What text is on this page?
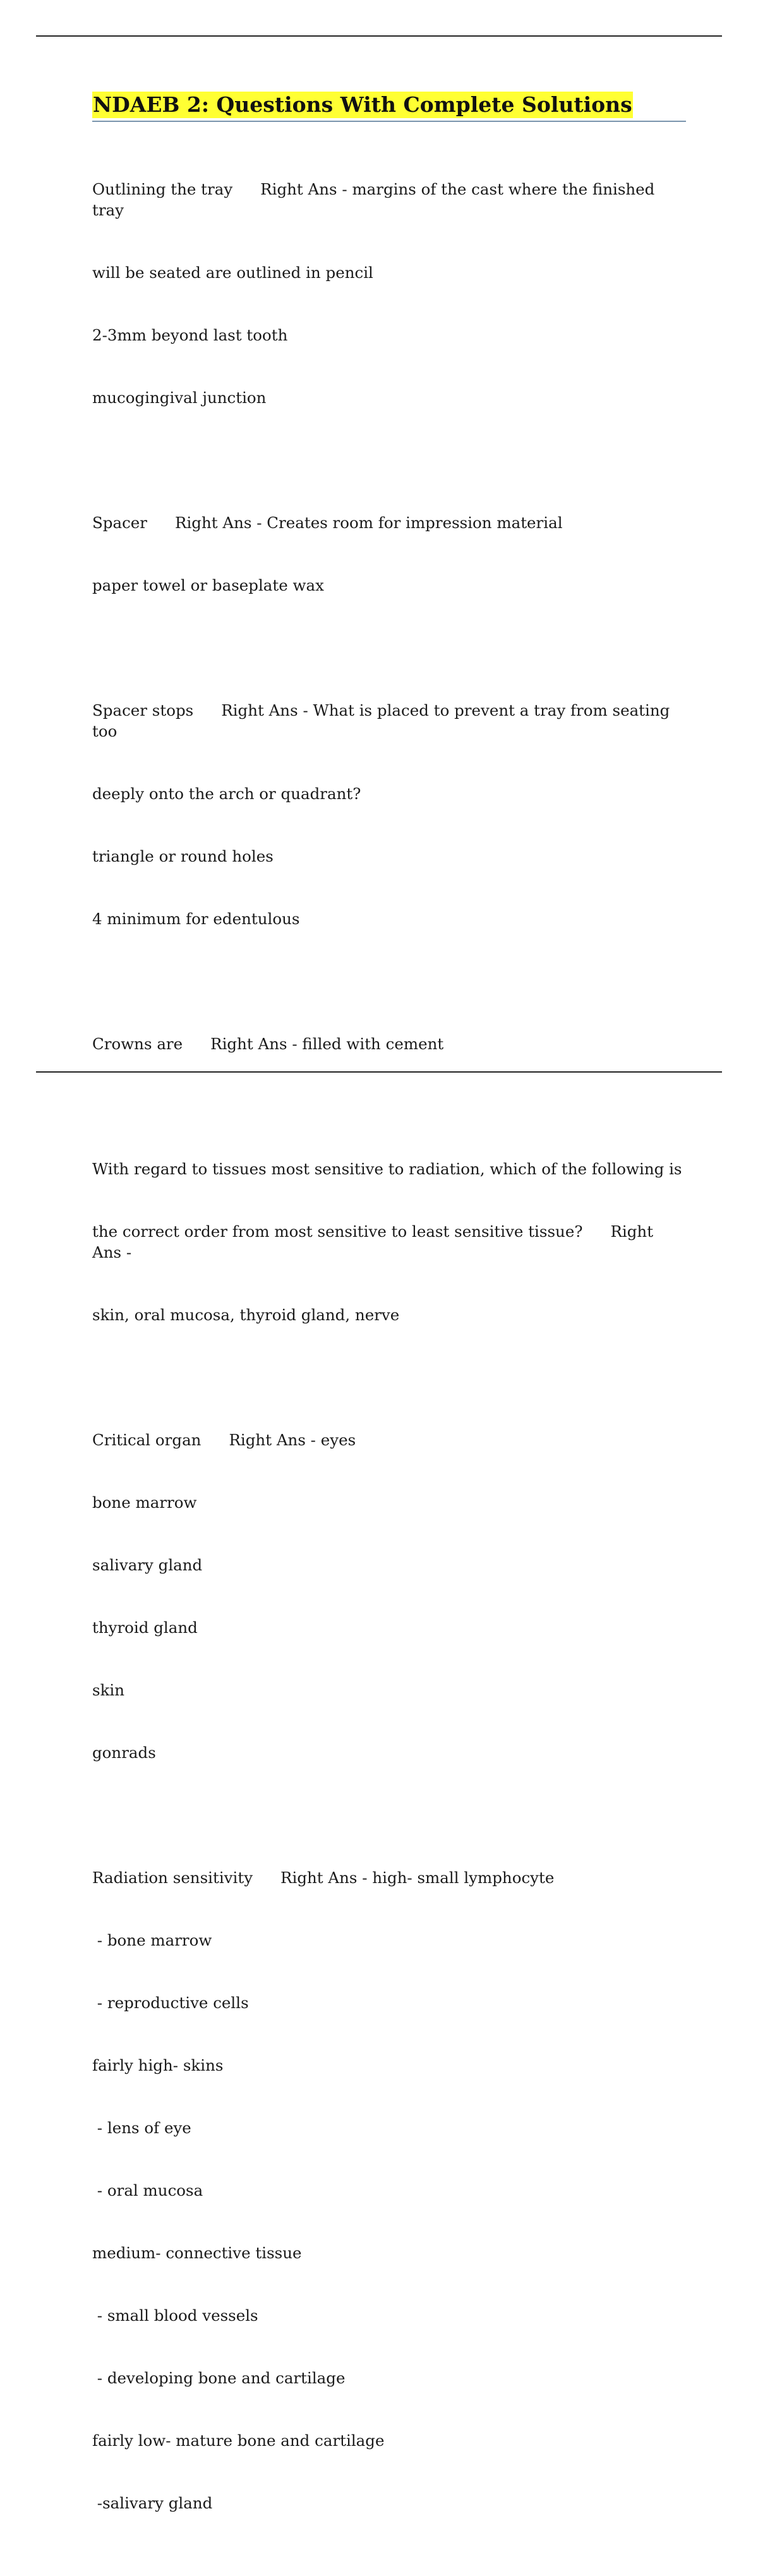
NDAEB 2: Questions With Complete Solutions

Outlining the tray Right Ans - margins of the cast where the finished tray

will be seated are outlined in pencil

2-3mm beyond last tooth

mucogingival junction

Spacer Right Ans - Creates room for impression material

paper towel or baseplate wax

Spacer stops Right Ans - What is placed to prevent a tray from seating too

deeply onto the arch or quadrant?

triangle or round holes

4 minimum for edentulous

Crowns are Right Ans - filled with cement

With regard to tissues most sensitive to radiation, which of the following is

the correct order from most sensitive to least sensitive tissue? Right Ans -

skin, oral mucosa, thyroid gland, nerve

Critical organ Right Ans - eyes

bone marrow

salivary gland

thyroid gland

skin

gonrads

Radiation sensitivity Right Ans - high- small lymphocyte

- bone marrow

- reproductive cells

fairly high- skins

- lens of eye

- oral mucosa

medium- connective tissue

- small blood vessels

- developing bone and cartilage

fairly low- mature bone and cartilage

-salivary gland
